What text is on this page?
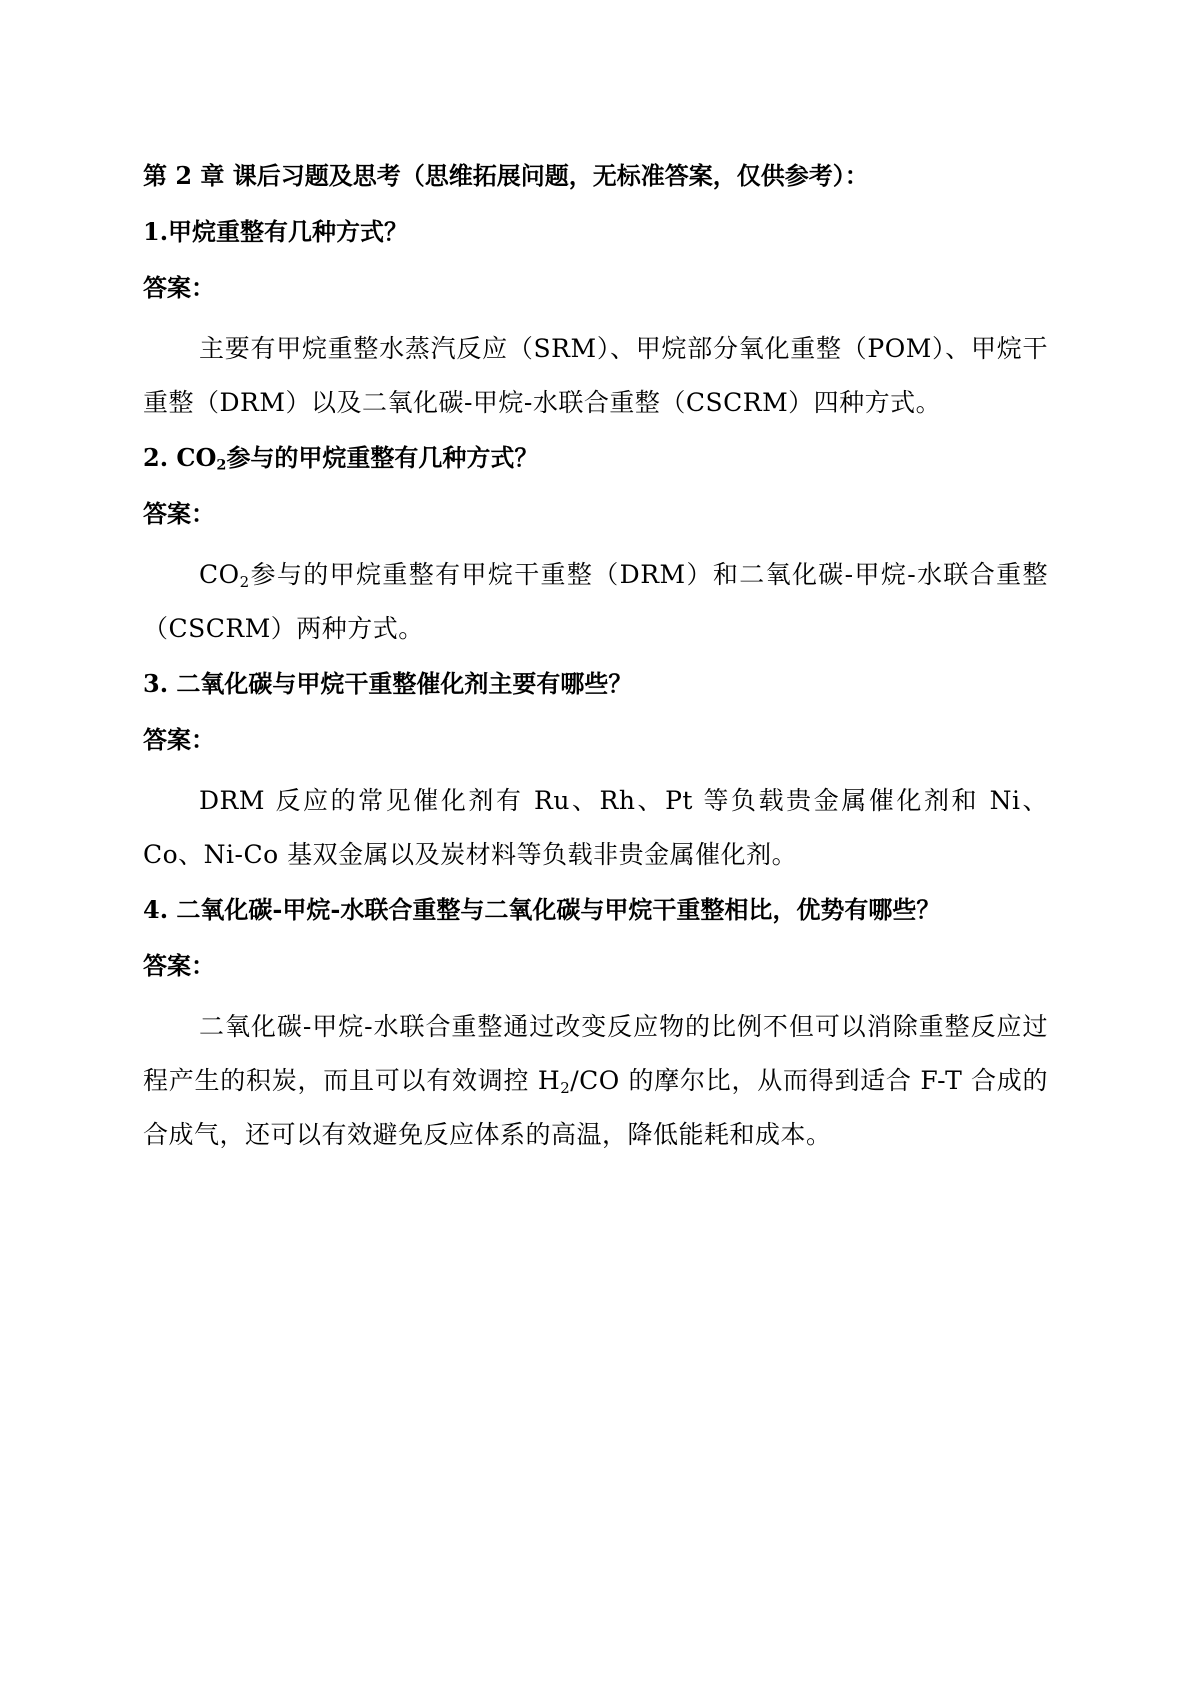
第 2 章 课后习题及思考（思维拓展问题，无标准答案，仅供参考）：
1.甲烷重整有几种方式？
答案：

主要有甲烷重整水蒸汽反应（SRM）、甲烷部分氧化重整（POM）、甲烷干重整（DRM）以及二氧化碳-甲烷-水联合重整（CSCRM）四种方式。

2. $CO_2$参与的甲烷重整有几种方式？
答案：

$CO_2$参与的甲烷重整有甲烷干重整（DRM）和二氧化碳-甲烷-水联合重整（CSCRM）两种方式。

3. 二氧化碳与甲烷干重整催化剂主要有哪些？
答案：

DRM 反应的常见催化剂有 Ru、Rh、Pt 等负载贵金属催化剂和 Ni、Co、Ni-Co 基双金属以及炭材料等负载非贵金属催化剂。

4. 二氧化碳-甲烷-水联合重整与二氧化碳与甲烷干重整相比，优势有哪些？
答案：

二氧化碳-甲烷-水联合重整通过改变反应物的比例不但可以消除重整反应过程产生的积炭，而且可以有效调控 $H_2/CO$ 的摩尔比，从而得到适合 F-T 合成的合成气，还可以有效避免反应体系的高温，降低能耗和成本。
